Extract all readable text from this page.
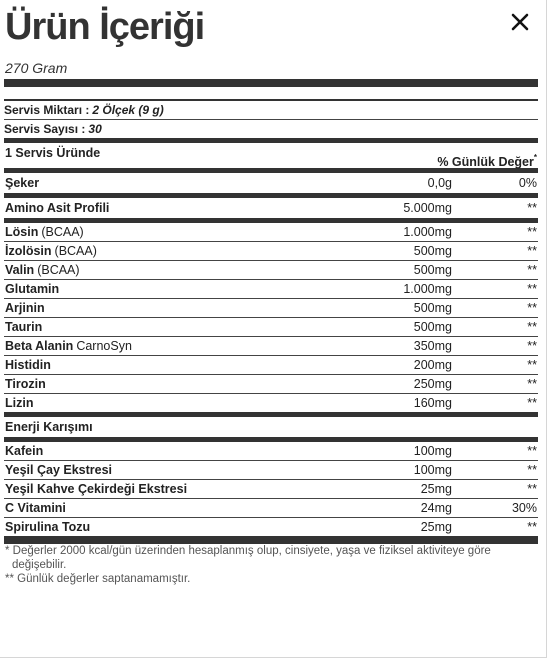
Ürün İçeriği
270 Gram
Servis Miktarı : 2 Ölçek (9 g)
Servis Sayısı : 30
1 Servis Üründe
% Günlük Değer*
Şeker	0,0g	0%
Amino Asit Profili	5.000mg	**
Lösin (BCAA)	1.000mg	**
İzolösin (BCAA)	500mg	**
Valin (BCAA)	500mg	**
Glutamin	1.000mg	**
Arjinin	500mg	**
Taurin	500mg	**
Beta Alanin CarnoSyn	350mg	**
Histidin	200mg	**
Tirozin	250mg	**
Lizin	160mg	**
Enerji Karışımı
Kafein	100mg	**
Yeşil Çay Ekstresi	100mg	**
Yeşil Kahve Çekirdeği Ekstresi	25mg	**
C Vitamini	24mg	30%
Spirulina Tozu	25mg	**
* Değerler 2000 kcal/gün üzerinden hesaplanmış olup, cinsiyete, yaşa ve fiziksel aktiviteye göre değişebilir.
** Günlük değerler saptanamamıştır.
